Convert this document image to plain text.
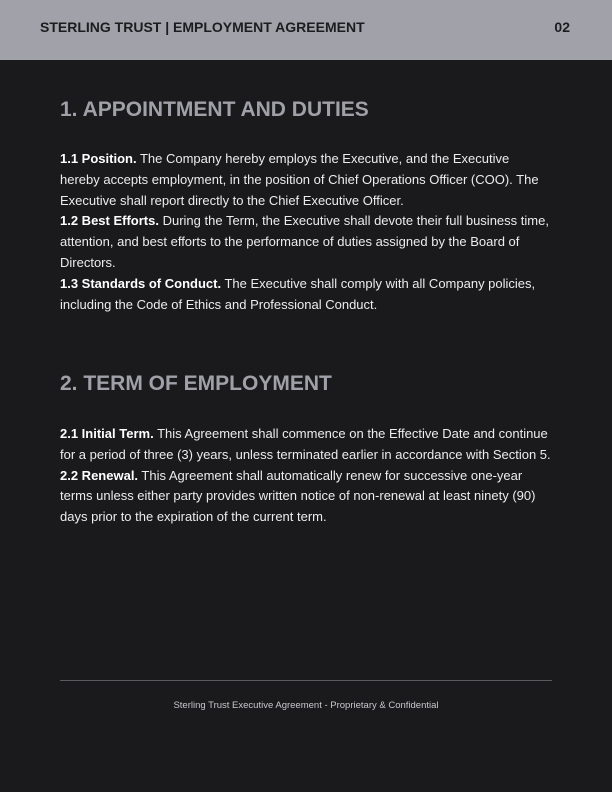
STERLING TRUST | EMPLOYMENT AGREEMENT	02
1. APPOINTMENT AND DUTIES

1.1 Position. The Company hereby employs the Executive, and the Executive hereby accepts employment, in the position of Chief Operations Officer (COO). The Executive shall report directly to the Chief Executive Officer.

1.2 Best Efforts. During the Term, the Executive shall devote their full business time, attention, and best efforts to the performance of duties assigned by the Board of Directors.

1.3 Standards of Conduct. The Executive shall comply with all Company policies, including the Code of Ethics and Professional Conduct.

2. TERM OF EMPLOYMENT

2.1 Initial Term. This Agreement shall commence on the Effective Date and continue for a period of three (3) years, unless terminated earlier in accordance with Section 5.

2.2 Renewal. This Agreement shall automatically renew for successive one-year terms unless either party provides written notice of non-renewal at least ninety (90) days prior to the expiration of the current term.

Sterling Trust Executive Agreement - Proprietary & Confidential
